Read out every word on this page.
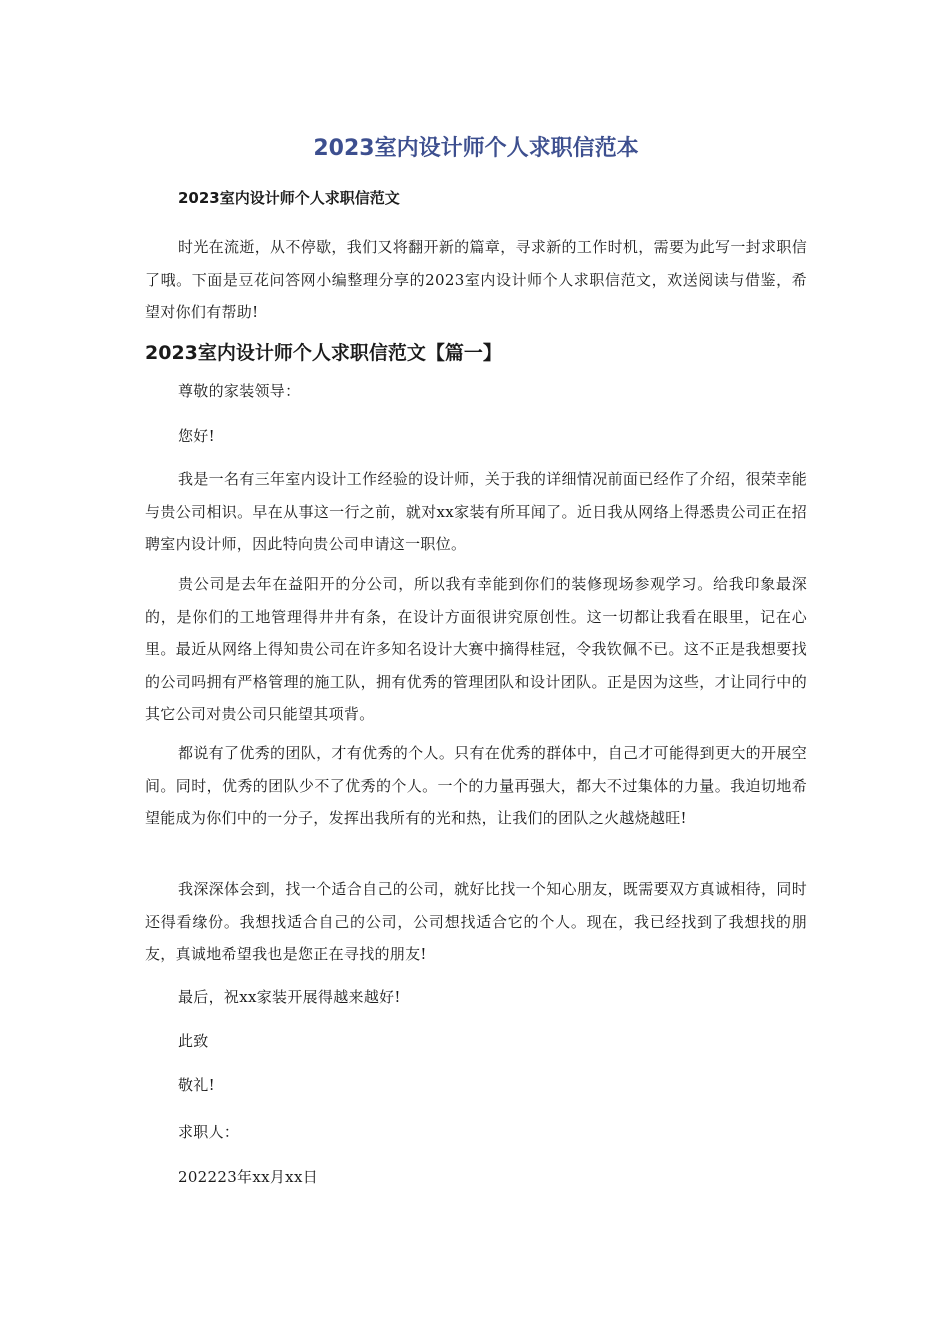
2023室内设计师个人求职信范本

2023室内设计师个人求职信范文

时光在流逝，从不停歇，我们又将翻开新的篇章，寻求新的工作时机，需要为此写一封求职信了哦。下面是豆花问答网小编整理分享的2023室内设计师个人求职信范文，欢送阅读与借鉴，希望对你们有帮助!

2023室内设计师个人求职信范文【篇一】

尊敬的家装领导：

您好!

我是一名有三年室内设计工作经验的设计师，关于我的详细情况前面已经作了介绍，很荣幸能与贵公司相识。早在从事这一行之前，就对xx家装有所耳闻了。近日我从网络上得悉贵公司正在招聘室内设计师，因此特向贵公司申请这一职位。

贵公司是去年在益阳开的分公司，所以我有幸能到你们的装修现场参观学习。给我印象最深的，是你们的工地管理得井井有条，在设计方面很讲究原创性。这一切都让我看在眼里，记在心里。最近从网络上得知贵公司在许多知名设计大赛中摘得桂冠，令我钦佩不已。这不正是我想要找的公司吗拥有严格管理的施工队，拥有优秀的管理团队和设计团队。正是因为这些，才让同行中的其它公司对贵公司只能望其项背。

都说有了优秀的团队，才有优秀的个人。只有在优秀的群体中，自己才可能得到更大的开展空间。同时，优秀的团队少不了优秀的个人。一个的力量再强大，都大不过集体的力量。我迫切地希望能成为你们中的一分子，发挥出我所有的光和热，让我们的团队之火越烧越旺!

我深深体会到，找一个适合自己的公司，就好比找一个知心朋友，既需要双方真诚相待，同时还得看缘份。我想找适合自己的公司，公司想找适合它的个人。现在，我已经找到了我想找的朋友，真诚地希望我也是您正在寻找的朋友!

最后，祝xx家装开展得越来越好!

此致

敬礼!

求职人：

202223年xx月xx日
